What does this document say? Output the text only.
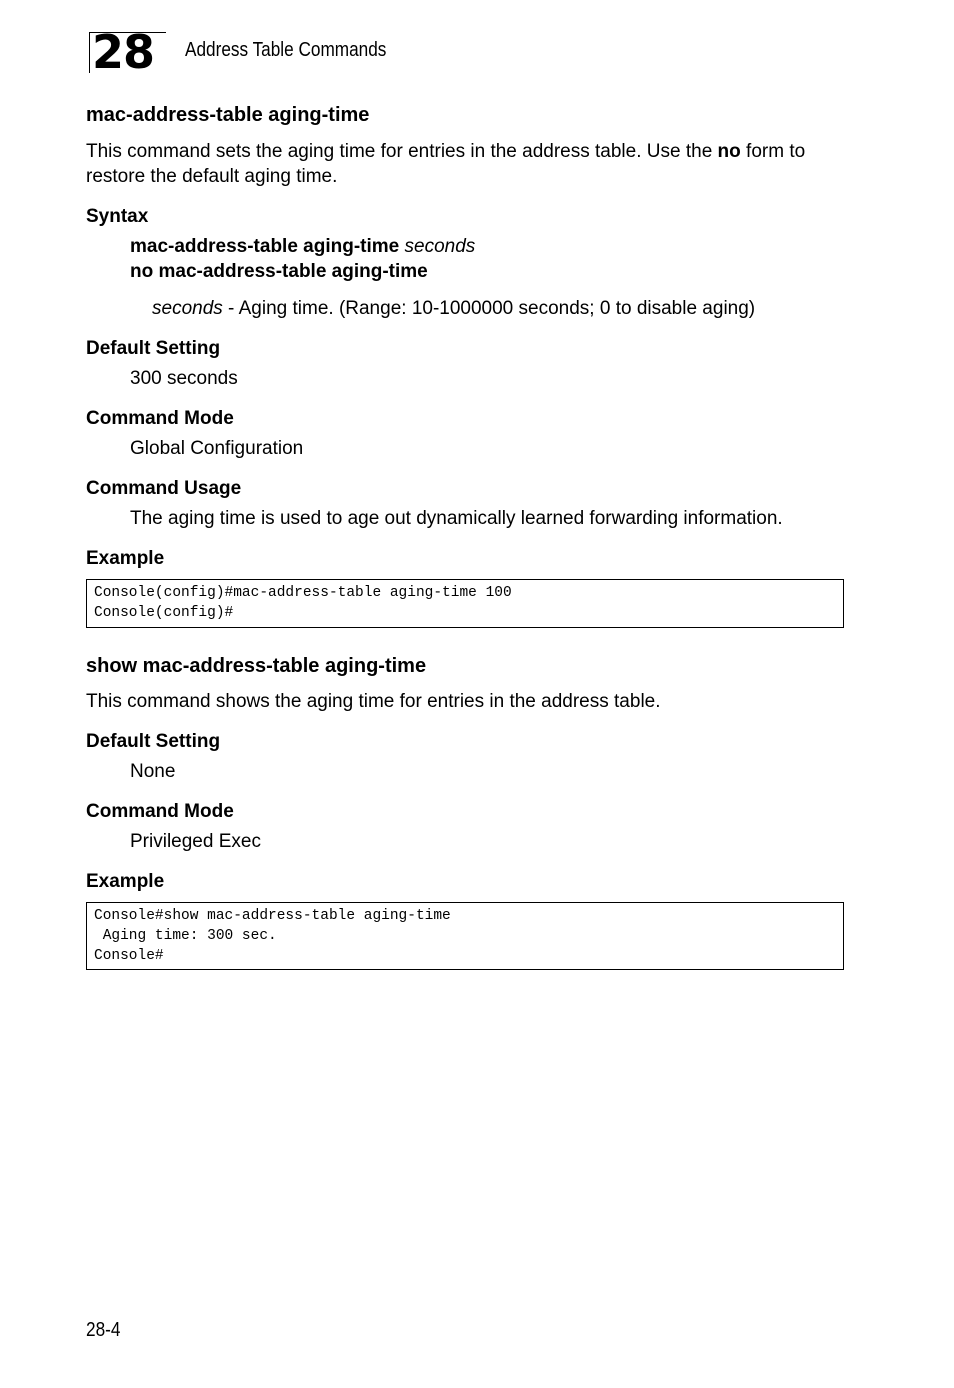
28 Address Table Commands
mac-address-table aging-time
This command sets the aging time for entries in the address table. Use the no form to restore the default aging time.
Syntax
mac-address-table aging-time seconds
no mac-address-table aging-time
seconds - Aging time. (Range: 10-1000000 seconds; 0 to disable aging)
Default Setting
300 seconds
Command Mode
Global Configuration
Command Usage
The aging time is used to age out dynamically learned forwarding information.
Example
Console(config)#mac-address-table aging-time 100
Console(config)#
show mac-address-table aging-time
This command shows the aging time for entries in the address table.
Default Setting
None
Command Mode
Privileged Exec
Example
Console#show mac-address-table aging-time
Aging time: 300 sec.
Console#
28-4
